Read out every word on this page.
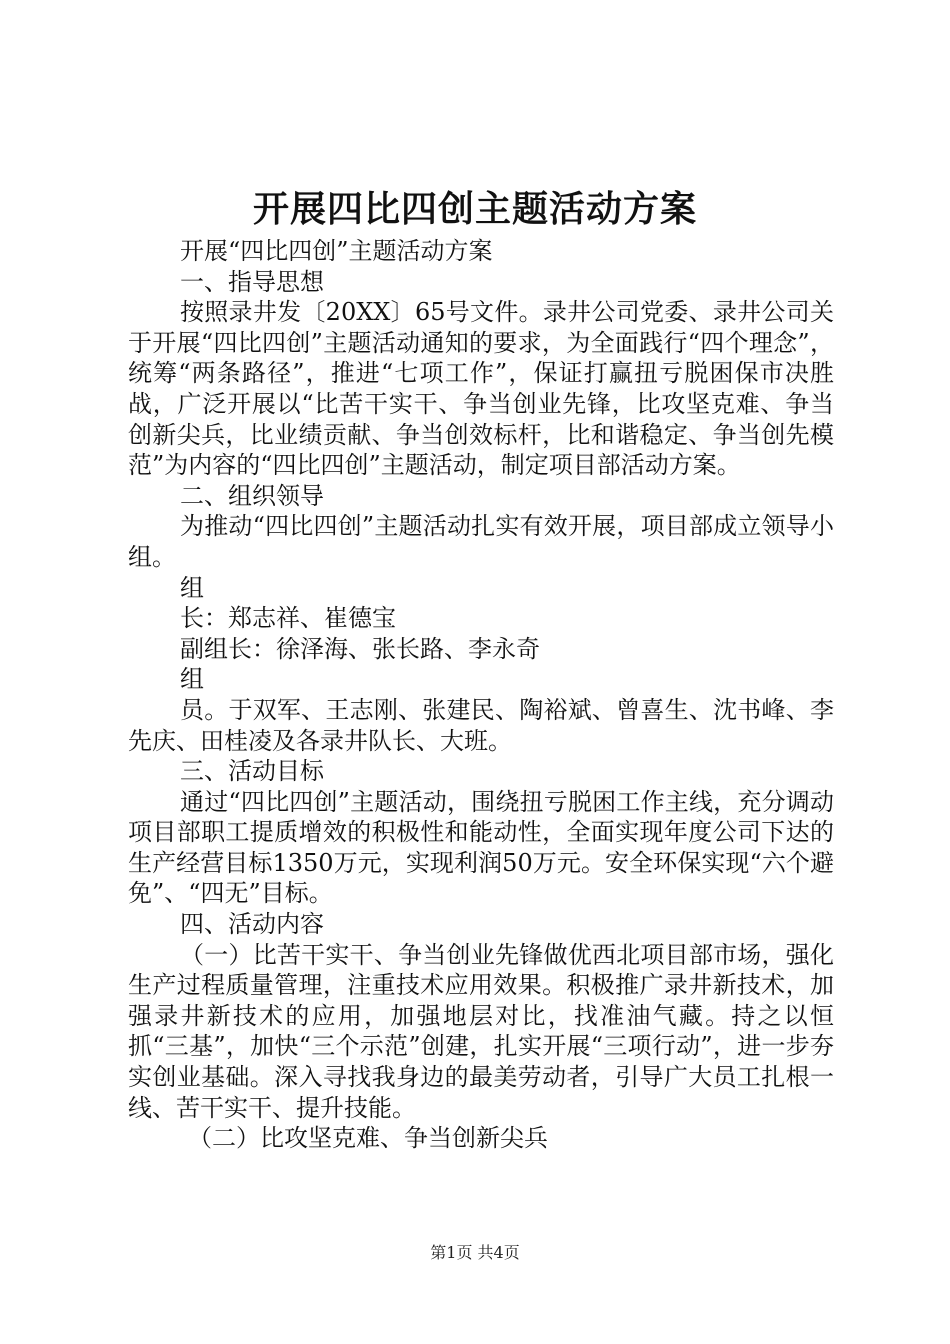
开展四比四创主题活动方案

开展“四比四创”主题活动方案

一、指导思想

按照录井发〔20XX〕65号文件。录井公司党委、录井公司关于开展“四比四创”主题活动通知的要求，为全面践行“四个理念”，统筹“两条路径”，推进“七项工作”，保证打赢扭亏脱困保市决胜战，广泛开展以“比苦干实干、争当创业先锋，比攻坚克难、争当创新尖兵，比业绩贡献、争当创效标杆，比和谐稳定、争当创先模范”为内容的“四比四创”主题活动，制定项目部活动方案。

二、组织领导

为推动“四比四创”主题活动扎实有效开展，项目部成立领导小组。

组

长：郑志祥、崔德宝

副组长：徐泽海、张长路、李永奇

组

员。于双军、王志刚、张建民、陶裕斌、曾喜生、沈书峰、李先庆、田桂凌及各录井队长、大班。

三、活动目标

通过“四比四创”主题活动，围绕扭亏脱困工作主线，充分调动项目部职工提质增效的积极性和能动性，全面实现年度公司下达的生产经营目标1350万元，实现利润50万元。安全环保实现“六个避免”、“四无”目标。

四、活动内容

（一）比苦干实干、争当创业先锋做优西北项目部市场，强化生产过程质量管理，注重技术应用效果。积极推广录井新技术，加强录井新技术的应用，加强地层对比，找准油气藏。持之以恒抓“三基”，加快“三个示范”创建，扎实开展“三项行动”，进一步夯实创业基础。深入寻找我身边的最美劳动者，引导广大员工扎根一线、苦干实干、提升技能。

（二）比攻坚克难、争当创新尖兵

第1页 共4页
